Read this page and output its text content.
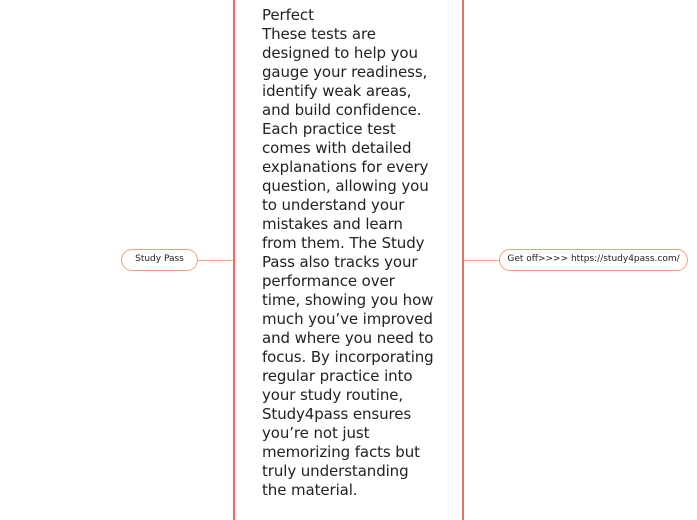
Study Pass
Perfect
These tests are designed to help you gauge your readiness, identify weak areas, and build confidence. Each practice test comes with detailed explanations for every question, allowing you to understand your mistakes and learn from them. The Study Pass also tracks your performance over time, showing you how much you’ve improved and where you need to focus. By incorporating regular practice into your study routine, Study4pass ensures you’re not just memorizing facts but truly understanding the material.
Get off>>>> https://study4pass.com/
